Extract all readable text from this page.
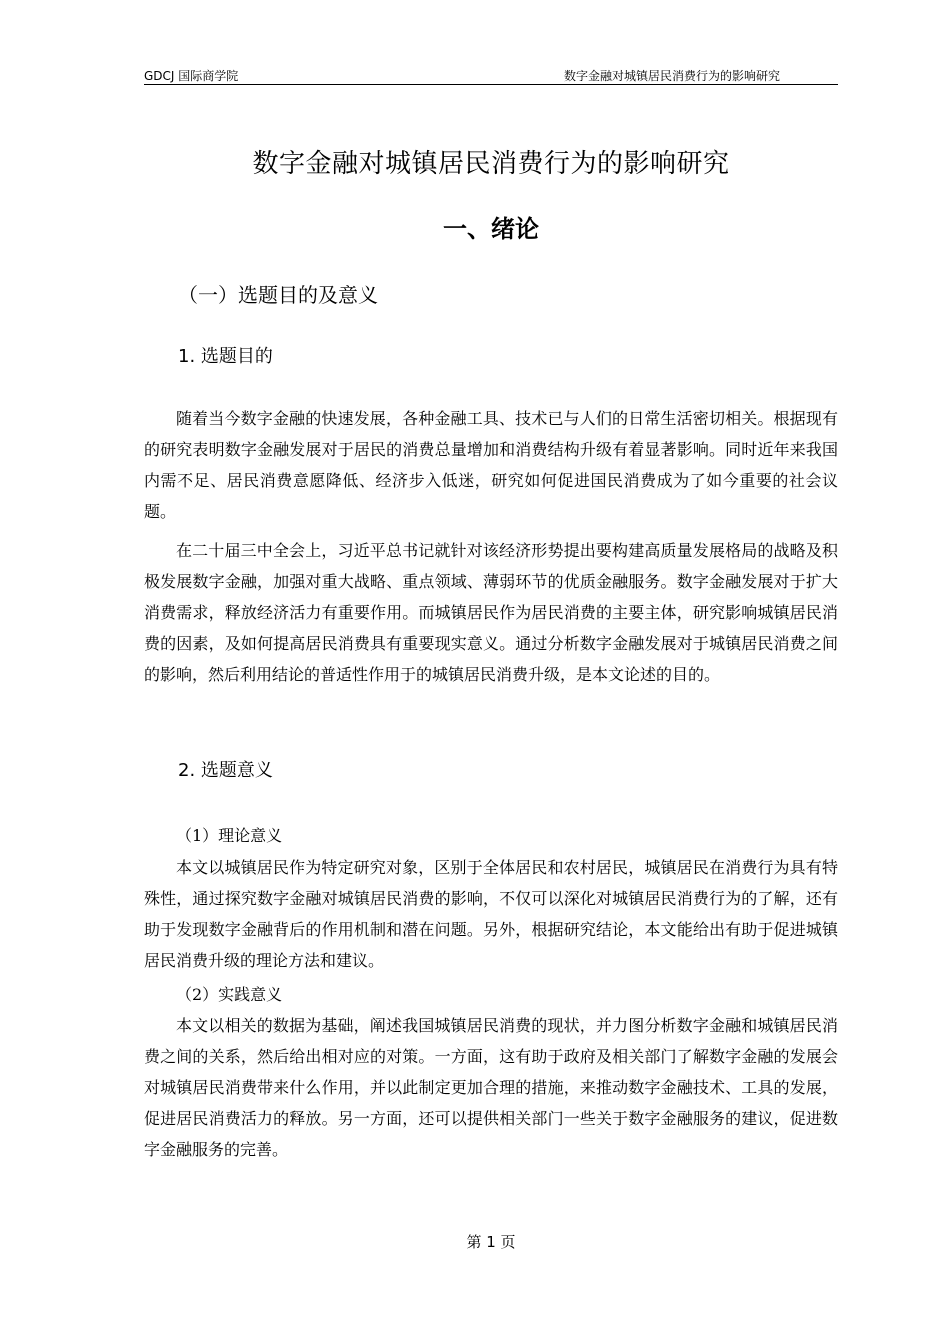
GDCJ 国际商学院	数字金融对城镇居民消费行为的影响研究
数字金融对城镇居民消费行为的影响研究
一、绪论
（一）选题目的及意义
1. 选题目的

随着当今数字金融的快速发展，各种金融工具、技术已与人们的日常生活密切相关。根据现有的研究表明数字金融发展对于居民的消费总量增加和消费结构升级有着显著影响。同时近年来我国内需不足、居民消费意愿降低、经济步入低迷，研究如何促进国民消费成为了如今重要的社会议题。

在二十届三中全会上，习近平总书记就针对该经济形势提出要构建高质量发展格局的战略及积极发展数字金融，加强对重大战略、重点领域、薄弱环节的优质金融服务。数字金融发展对于扩大消费需求，释放经济活力有重要作用。而城镇居民作为居民消费的主要主体，研究影响城镇居民消费的因素，及如何提高居民消费具有重要现实意义。通过分析数字金融发展对于城镇居民消费之间的影响，然后利用结论的普适性作用于的城镇居民消费升级，是本文论述的目的。

2. 选题意义
（1）理论意义

本文以城镇居民作为特定研究对象，区别于全体居民和农村居民，城镇居民在消费行为具有特殊性，通过探究数字金融对城镇居民消费的影响，不仅可以深化对城镇居民消费行为的了解，还有助于发现数字金融背后的作用机制和潜在问题。另外，根据研究结论，本文能给出有助于促进城镇居民消费升级的理论方法和建议。

（2）实践意义

本文以相关的数据为基础，阐述我国城镇居民消费的现状，并力图分析数字金融和城镇居民消费之间的关系，然后给出相对应的对策。一方面，这有助于政府及相关部门了解数字金融的发展会对城镇居民消费带来什么作用，并以此制定更加合理的措施，来推动数字金融技术、工具的发展，促进居民消费活力的释放。另一方面，还可以提供相关部门一些关于数字金融服务的建议，促进数字金融服务的完善。

第 1 页
